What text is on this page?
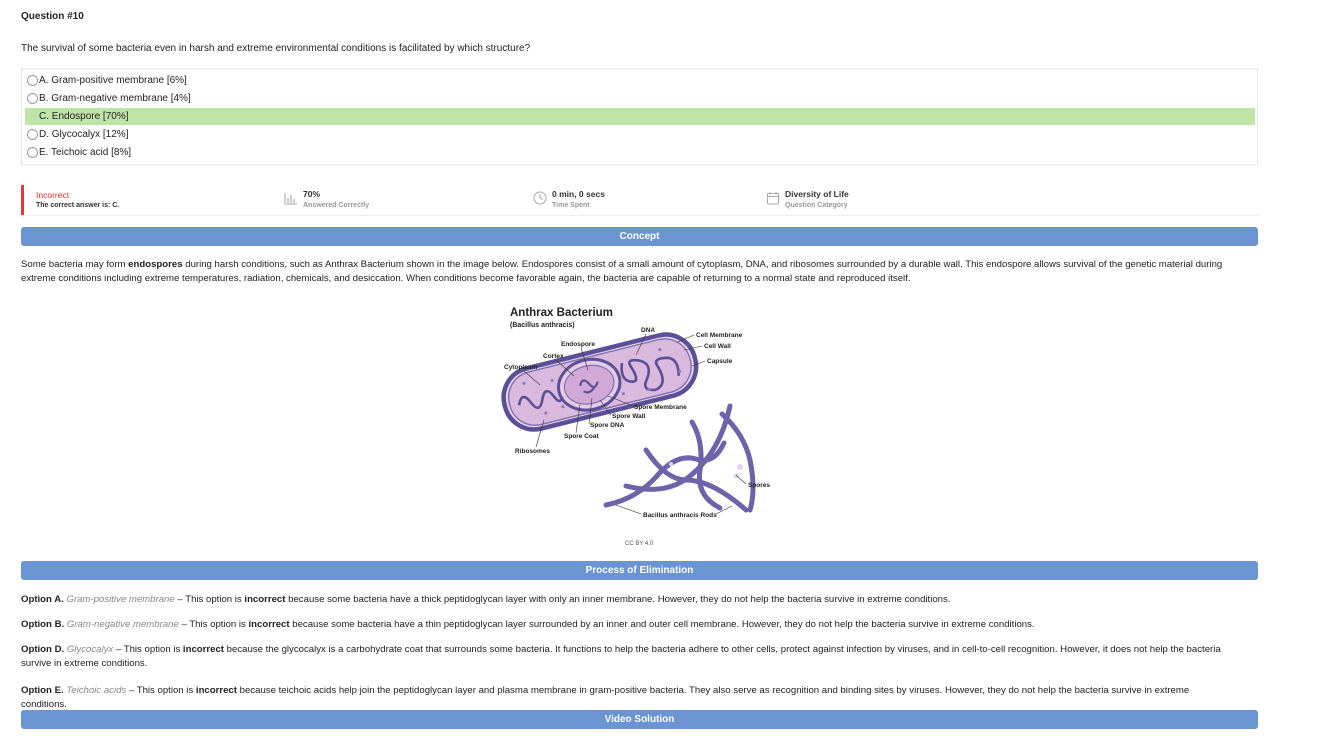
Question #10
The survival of some bacteria even in harsh and extreme environmental conditions is facilitated by which structure?
A. Gram-positive membrane [6%]
B. Gram-negative membrane [4%]
C. Endospore [70%]
D. Glycocalyx [12%]
E. Teichoic acid [8%]
Incorrect
The correct answer is: C.
70%
Answered Correctly
0 min, 0 secs
Time Spent
Diversity of Life
Question Category
Concept
Some bacteria may form endospores during harsh conditions, such as Anthrax Bacterium shown in the image below. Endospores consist of a small amount of cytoplasm, DNA, and ribosomes surrounded by a durable wall. This endospore allows survival of the genetic material during extreme conditions including extreme temperatures, radiation, chemicals, and desiccation. When conditions become favorable again, the bacteria are capable of returning to a normal state and reproduced itself.
Anthrax Bacterium
(Bacillus anthracis)
DNA
Cell Membrane
Cell Wall
Capsule
Endospore
Cortex
Cytoplasm
Spore Membrane
Spore Wall
Spore DNA
Spore Coat
Ribosomes
Spores
Bacillus anthracis Rods
CC BY 4.0
Process of Elimination
Option A. Gram-positive membrane – This option is incorrect because some bacteria have a thick peptidoglycan layer with only an inner membrane. However, they do not help the bacteria survive in extreme conditions.
Option B. Gram-negative membrane – This option is incorrect because some bacteria have a thin peptidoglycan layer surrounded by an inner and outer cell membrane. However, they do not help the bacteria survive in extreme conditions.
Option D. Glycocalyx – This option is incorrect because the glycocalyx is a carbohydrate coat that surrounds some bacteria. It functions to help the bacteria adhere to other cells, protect against infection by viruses, and in cell-to-cell recognition. However, it does not help the bacteria survive in extreme conditions.
Option E. Teichoic acids – This option is incorrect because teichoic acids help join the peptidoglycan layer and plasma membrane in gram-positive bacteria. They also serve as recognition and binding sites by viruses. However, they do not help the bacteria survive in extreme conditions.
Video Solution
